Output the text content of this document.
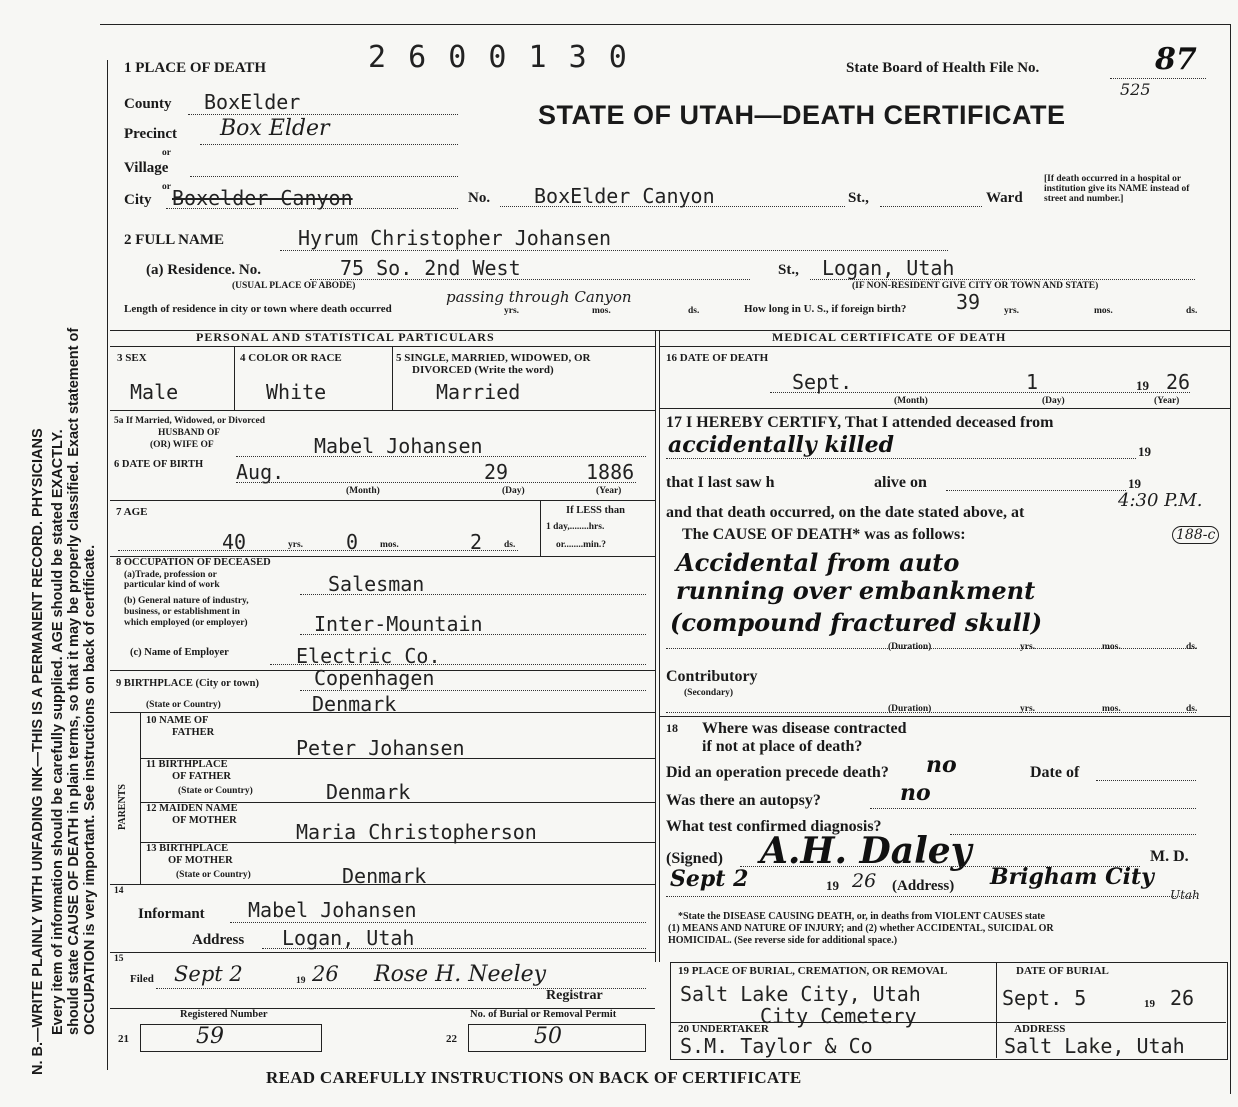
N. B.—WRITE PLAINLY WITH UNFADING INK—THIS IS A PERMANENT RECORD. PHYSICIANS Every item of information should be carefully supplied. AGE should be stated EXACTLY. should state CAUSE OF DEATH in plain terms, so that it may be properly classified. Exact statement of OCCUPATION is very important. See instructions on back of certificate.
1 PLACE OF DEATH	2 6 0 0 1 3 0	State Board of Health File No.	87
525
STATE OF UTAH—DEATH CERTIFICATE
County BoxElder
Precinct Box Elder
or
Village
or
City Boxelder Canyon	No. BoxElder Canyon	St.,	Ward
[If death occurred in a hospital or institution give its NAME instead of street and number.]
2 FULL NAME	Hyrum Christopher Johansen
(a) Residence. No.	75 So. 2nd West	St., Logan, Utah
(USUAL PLACE OF ABODE)	(IF NON-RESIDENT GIVE CITY OR TOWN AND STATE)
Length of residence in city or town where death occurred
passing through Canyon
yrs.	mos.	ds.	How long in U. S., if foreign birth? 39	yrs.	mos.	ds.
PERSONAL AND STATISTICAL PARTICULARS	MEDICAL CERTIFICATE OF DEATH
3 SEX
Male
4 COLOR OR RACE
White
5 SINGLE, MARRIED, WIDOWED, OR
DIVORCED (Write the word)
Married
5a If Married, Widowed, or Divorced
HUSBAND OF
(OR) WIFE OF	Mabel Johansen
6 DATE OF BIRTH Aug.	29	1886
(Month)	(Day)	(Year)
7 AGE
40	yrs. 0 mos.	2 ds.
If LESS than
1 day,........hrs.
or........min.?
8 OCCUPATION OF DECEASED
(a)Trade, profession or
particular kind of work	Salesman
(b) General nature of industry,
business, or establishment in
which employed (or employer)	Inter-Mountain
(c) Name of Employer	Electric Co.
9 BIRTHPLACE (City or town)	Copenhagen
(State or Country)	Denmark
PARENTS
10 NAME OF
FATHER
Peter Johansen
11 BIRTHPLACE
OF FATHER
(State or Country)	Denmark
12 MAIDEN NAME
OF MOTHER	Maria Christopherson
13 BIRTHPLACE
OF MOTHER
(State or Country)	Denmark
14
Informant Mabel Johansen
Address Logan, Utah
15
Filed Sept 2	19 26 Rose H. Neeley
Registrar
Registered Number	No. of Burial or Removal Permit
21	59	22	50
16 DATE OF DEATH
Sept.	1	19 26
(Month)	(Day)	(Year)
17 I HEREBY CERTIFY, That I attended deceased from
accidentally killed	19
that I last saw h	alive on	19
and that death occurred, on the date stated above, at
4:30 P.M.
The CAUSE OF DEATH* was as follows:	188-c
Accidental from auto
running over embankment
(compound fractured skull)
(Duration)	yrs.	mos.	ds.
Contributory
(Secondary)
(Duration)	yrs.	mos.	ds.
18 Where was disease contracted
if not at place of death?
Did an operation precede death? no	Date of
Was there an autopsy?	no
What test confirmed diagnosis?
(Signed) A.H. Daley	M. D.
Sept 2	19 26 (Address) Brigham City
Utah
*State the DISEASE CAUSING DEATH, or, in deaths from VIOLENT CAUSES state
(1) MEANS AND NATURE OF INJURY; and (2) whether ACCIDENTAL, SUICIDAL OR
HOMICIDAL. (See reverse side for additional space.)
19 PLACE OF BURIAL, CREMATION, OR REMOVAL
Salt Lake City, Utah
City Cemetery
DATE OF BURIAL
Sept. 5	19 26
20 UNDERTAKER
S.M. Taylor & Co
ADDRESS
Salt Lake, Utah
READ CAREFULLY INSTRUCTIONS ON BACK OF CERTIFICATE
